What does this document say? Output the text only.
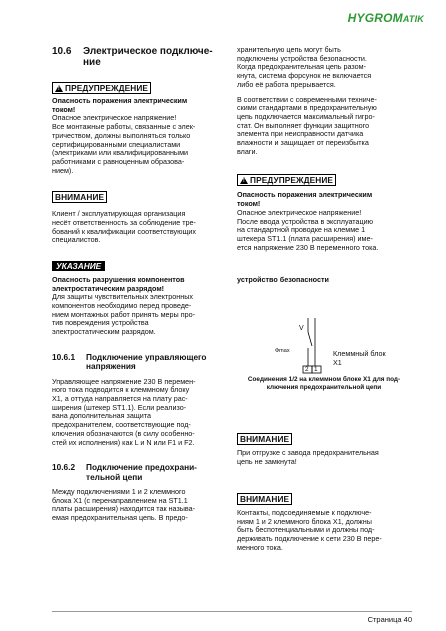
HYGROMATIK
10.6	Электрическое подключе-
ние
! ПРЕДУПРЕЖДЕНИЕ

Опасность поражения электрическим
током!

Опасное электрическое напряжение!
Все монтажные работы, связанные с элек-
тричеством, должны выполняться только
сертифицированными специалистами
(электриками или квалифицированными
работниками с равноценным образова-
нием).

ВНИМАНИЕ

Клиент / эксплуатирующая организация
несёт ответственность за соблюдение тре-
бований к квалификации соответствующих
специалистов.

УКАЗАНИЕ

Опасность разрушения компонентов
электростатическим разрядом!

Для защиты чувствительных электронных
компонентов необходимо перед проведе-
нием монтажных работ принять меры про-
тив повреждения устройства
электростатическим разрядом.

10.6.1	Подключение управляющего
напряжения

Управляющее напряжение 230 В перемен-
ного тока подводится к клеммному блоку
X1, а оттуда направляется на плату рас-
ширения (штекер ST1.1). Если реализо-
вана дополнительная защита
предохранителем, соответствующие под-
ключения обозначаются (в силу особенно-
стей их исполнения) как L и N или F1 и F2.

10.6.2	Подключение предохрани-
тельной цепи

Между подключениями 1 и 2 клеммного
блока X1 (с перенаправлением на ST1.1
платы расширения) находится так называ-
емая предохранительная цепь. В предо-

хранительную цепь могут быть
подключены устройства безопасности.
Когда предохранительная цепь разом-
кнута, система форсунок не включается
либо её работа прерывается.

В соответствии с современными техниче-
скими стандартами в предохранительную
цепь подключается максимальный гигро-
стат. Он выполняет функции защитного
элемента при неисправности датчика
влажности и защищает от переизбытка
влаги.

! ПРЕДУПРЕЖДЕНИЕ

Опасность поражения электрическим
током!

Опасное электрическое напряжение!
После ввода устройства в эксплуатацию
на стандартной проводке на клемме 1
штекера ST1.1 (плата расширения) име-
ется напряжение 230 В переменного тока.

устройство безопасности
V
Фmax
2 1
Клеммный блок
X1

Соединения 1/2 на клеммном блоке X1 для под-
ключения предохранительной цепи

ВНИМАНИЕ

При отгрузке с завода предохранительная
цепь не замкнута!

ВНИМАНИЕ

Контакты, подсоединяемые к подключе-
ниям 1 и 2 клеммного блока X1, должны
быть беспотенциальными и должны под-
держивать подключение к сети 230 В пере-
менного тока.

Страница 40
